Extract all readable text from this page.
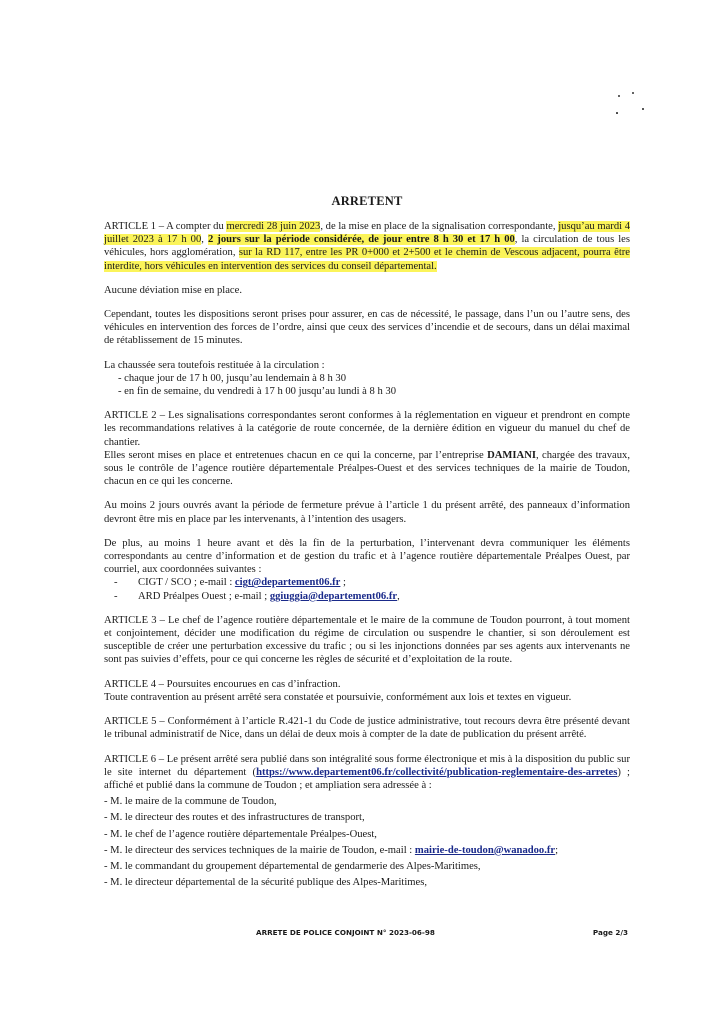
ARRETENT

ARTICLE 1 – A compter du mercredi 28 juin 2023, de la mise en place de la signalisation correspondante, jusqu’au mardi 4 juillet 2023 à 17 h 00, 2 jours sur la période considérée, de jour entre 8 h 30 et 17 h 00, la circulation de tous les véhicules, hors agglomération, sur la RD 117, entre les PR 0+000 et 2+500 et le chemin de Vescous adjacent, pourra être interdite, hors véhicules en intervention des services du conseil départemental.

Aucune déviation mise en place.

Cependant, toutes les dispositions seront prises pour assurer, en cas de nécessité, le passage, dans l’un ou l’autre sens, des véhicules en intervention des forces de l’ordre, ainsi que ceux des services d’incendie et de secours, dans un délai maximal de rétablissement de 15 minutes.

La chaussée sera toutefois restituée à la circulation :

- chaque jour de 17 h 00, jusqu’au lendemain à 8 h 30

- en fin de semaine, du vendredi à 17 h 00 jusqu’au lundi à 8 h 30

ARTICLE 2 – Les signalisations correspondantes seront conformes à la réglementation en vigueur et prendront en compte les recommandations relatives à la catégorie de route concernée, de la dernière édition en vigueur du manuel du chef de chantier.

Elles seront mises en place et entretenues chacun en ce qui la concerne, par l’entreprise DAMIANI, chargée des travaux, sous le contrôle de l’agence routière départementale Préalpes-Ouest et des services techniques de la mairie de Toudon, chacun en ce qui les concerne.

Au moins 2 jours ouvrés avant la période de fermeture prévue à l’article 1 du présent arrêté, des panneaux d’information devront être mis en place par les intervenants, à l’intention des usagers.

De plus, au moins 1 heure avant et dès la fin de la perturbation, l’intervenant devra communiquer les éléments correspondants au centre d’information et de gestion du trafic et à l’agence routière départementale Préalpes Ouest, par courriel, aux coordonnées suivantes :

-	CIGT / SCO ; e-mail : cigt@departement06.fr ;
-	ARD Préalpes Ouest ; e-mail ; ggiuggia@departement06.fr,

ARTICLE 3 – Le chef de l’agence routière départementale et le maire de la commune de Toudon pourront, à tout moment et conjointement, décider une modification du régime de circulation ou suspendre le chantier, si son déroulement est susceptible de créer une perturbation excessive du trafic ; ou si les injonctions données par ses agents aux intervenants ne sont pas suivies d’effets, pour ce qui concerne les règles de sécurité et d’exploitation de la route.

ARTICLE 4 – Poursuites encourues en cas d’infraction.

Toute contravention au présent arrêté sera constatée et poursuivie, conformément aux lois et textes en vigueur.

ARTICLE 5 – Conformément à l’article R.421-1 du Code de justice administrative, tout recours devra être présenté devant le tribunal administratif de Nice, dans un délai de deux mois à compter de la date de publication du présent arrêté.

ARTICLE 6 – Le présent arrêté sera publié dans son intégralité sous forme électronique et mis à la disposition du public sur le site internet du département (https://www.departement06.fr/collectivité/publication-reglementaire-des-arretes) ; affiché et publié dans la commune de Toudon ; et ampliation sera adressée à :

- M. le maire de la commune de Toudon,

- M. le directeur des routes et des infrastructures de transport,

- M. le chef de l’agence routière départementale Préalpes-Ouest,

- M. le directeur des services techniques de la mairie de Toudon, e-mail : mairie-de-toudon@wanadoo.fr;

- M. le commandant du groupement départemental de gendarmerie des Alpes-Maritimes,

- M. le directeur départemental de la sécurité publique des Alpes-Maritimes,

ARRETE DE POLICE CONJOINT N° 2023-06-98	Page 2/3
